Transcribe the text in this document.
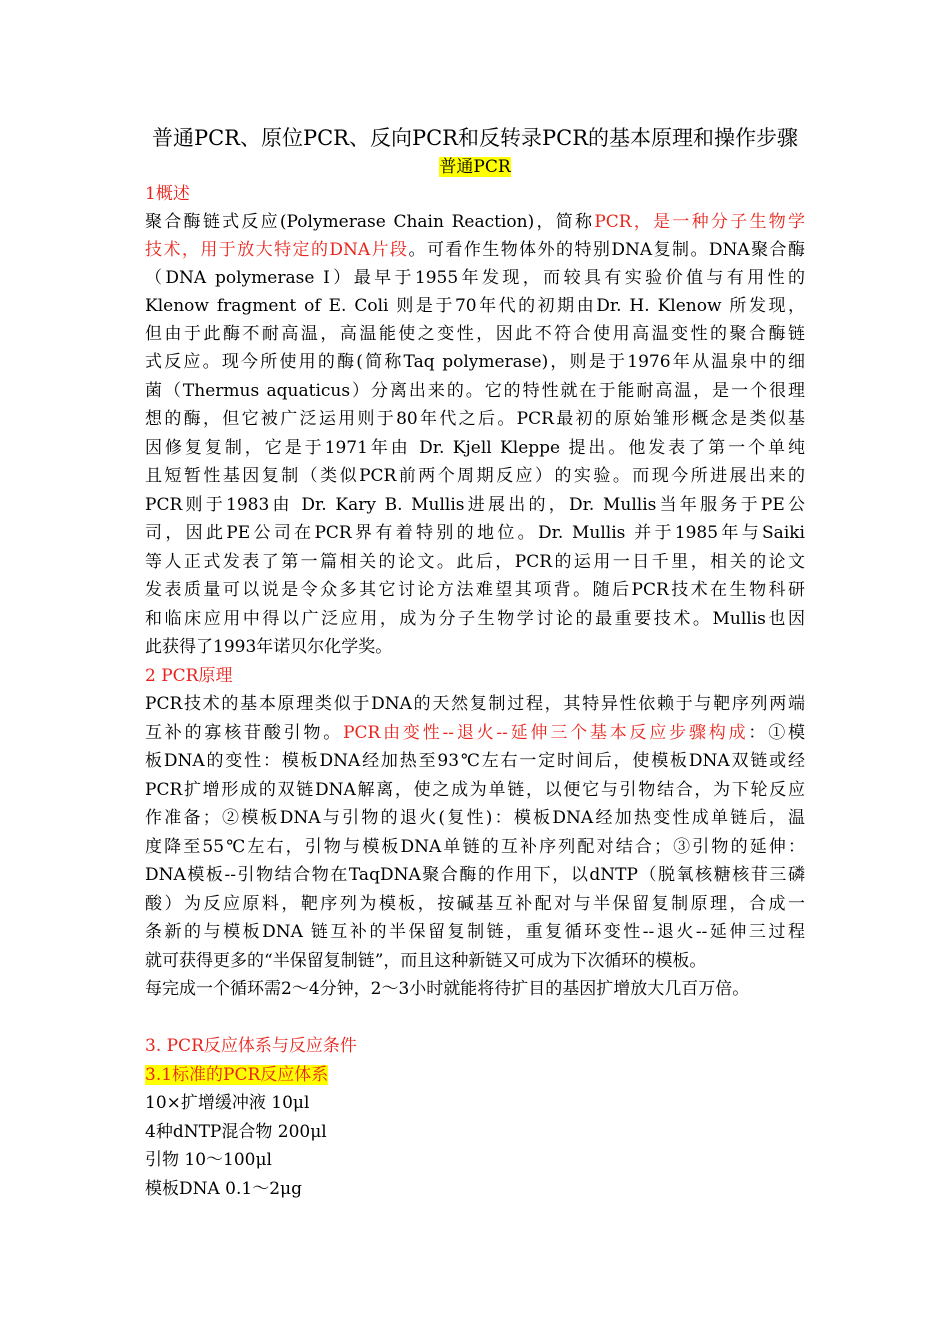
普通PCR、原位PCR、反向PCR和反转录PCR的基本原理和操作步骤
普通PCR
1概述
聚合酶链式反应(Polymerase Chain Reaction)，简称PCR，是一种分子生物学
技术，用于放大特定的DNA片段。可看作生物体外的特别DNA复制。DNA聚合酶
（DNA polymerase Ⅰ）最早于1955年发现，而较具有实验价值与有用性的
Klenow fragment of E. Coli 则是于70年代的初期由Dr. H. Klenow 所发现，
但由于此酶不耐高温，高温能使之变性，因此不符合使用高温变性的聚合酶链
式反应。现今所使用的酶(简称Taq polymerase)，则是于1976年从温泉中的细
菌（Thermus aquaticus）分离出来的。它的特性就在于能耐高温，是一个很理
想的酶，但它被广泛运用则于80年代之后。PCR最初的原始雏形概念是类似基
因修复复制，它是于1971年由 Dr. Kjell Kleppe 提出。他发表了第一个单纯
且短暂性基因复制（类似PCR前两个周期反应）的实验。而现今所进展出来的
PCR则于1983由 Dr. Kary B. Mullis进展出的，Dr. Mullis当年服务于PE公
司，因此PE公司在PCR界有着特别的地位。Dr. Mullis 并于1985年与Saiki
等人正式发表了第一篇相关的论文。此后，PCR的运用一日千里，相关的论文
发表质量可以说是令众多其它讨论方法难望其项背。随后PCR技术在生物科研
和临床应用中得以广泛应用，成为分子生物学讨论的最重要技术。Mullis也因
此获得了1993年诺贝尔化学奖。
2 PCR原理
PCR技术的基本原理类似于DNA的天然复制过程，其特异性依赖于与靶序列两端
互补的寡核苷酸引物。PCR由变性--退火--延伸三个基本反应步骤构成：①模
板DNA的变性：模板DNA经加热至93℃左右一定时间后，使模板DNA双链或经
PCR扩增形成的双链DNA解离，使之成为单链，以便它与引物结合，为下轮反应
作准备；②模板DNA与引物的退火(复性)：模板DNA经加热变性成单链后，温
度降至55℃左右，引物与模板DNA单链的互补序列配对结合；③引物的延伸：
DNA模板--引物结合物在TaqDNA聚合酶的作用下，以dNTP（脱氧核糖核苷三磷
酸）为反应原料，靶序列为模板，按碱基互补配对与半保留复制原理，合成一
条新的与模板DNA 链互补的半保留复制链，重复循环变性--退火--延伸三过程
就可获得更多的“半保留复制链”，而且这种新链又可成为下次循环的模板。
每完成一个循环需2～4分钟，2～3小时就能将待扩目的基因扩增放大几百万倍。
3. PCR反应体系与反应条件
3.1标准的PCR反应体系
10×扩增缓冲液 10μl
4种dNTP混合物 200μl
引物 10～100μl
模板DNA 0.1～2μg
